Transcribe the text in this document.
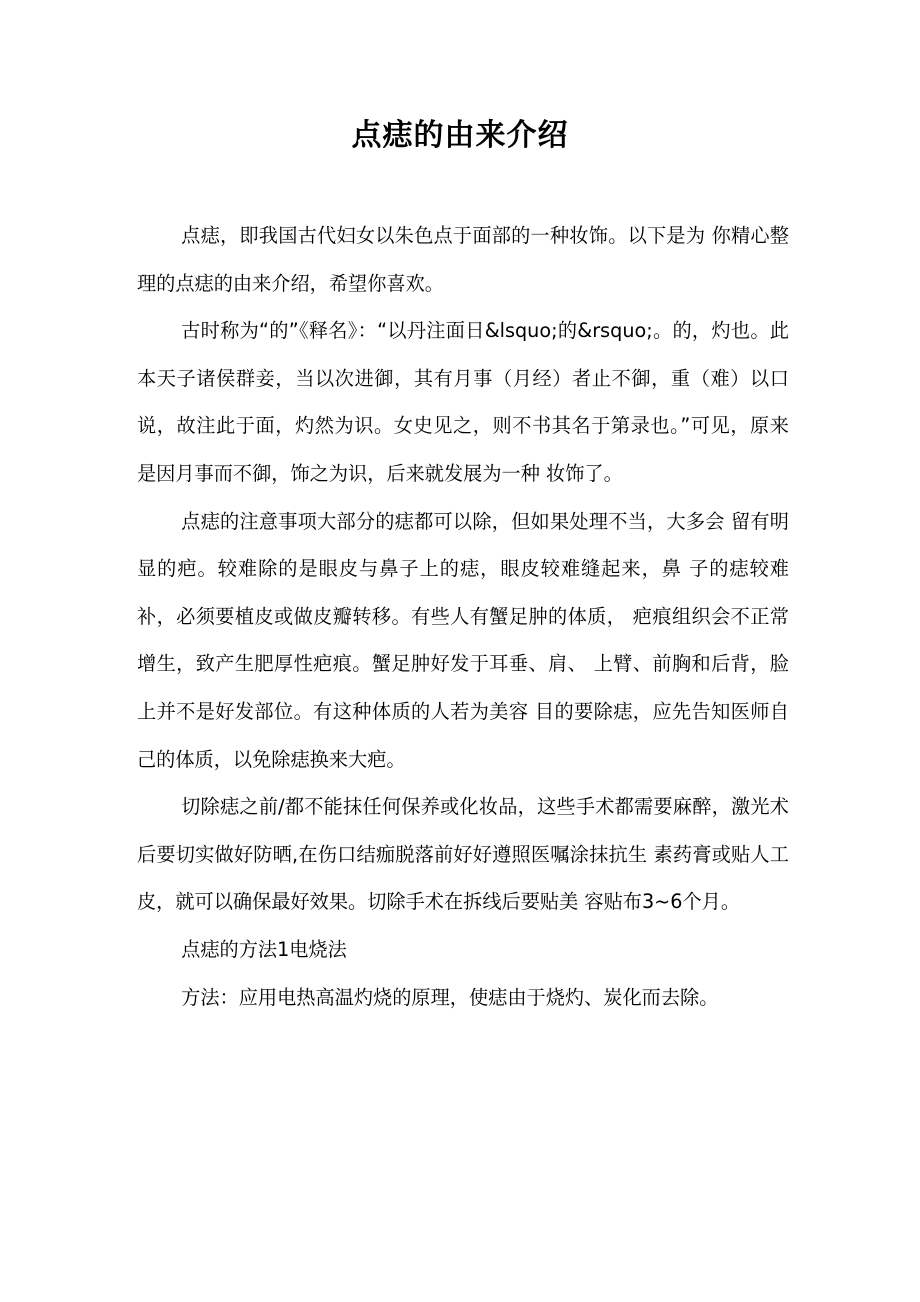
点痣的由来介绍

点痣，即我国古代妇女以朱色点于面部的一种妆饰。以下是为 你精心整理的点痣的由来介绍，希望你喜欢。

古时称为“的”《释名》：“以丹注面日&lsquo;的&rsquo;。的，灼也。此本天子诸侯群妾，当以次进御，其有月事（月经）者止不御，重（难）以口说，故注此于面，灼然为识。女史见之，则不书其名于第录也。”可见，原来是因月事而不御，饰之为识，后来就发展为一种 妆饰了。

点痣的注意事项大部分的痣都可以除，但如果处理不当，大多会 留有明显的疤。较难除的是眼皮与鼻子上的痣，眼皮较难缝起来，鼻 子的痣较难补，必须要植皮或做皮瓣转移。有些人有蟹足肿的体质， 疤痕组织会不正常增生，致产生肥厚性疤痕。蟹足肿好发于耳垂、肩、 上臂、前胸和后背，脸上并不是好发部位。有这种体质的人若为美容 目的要除痣，应先告知医师自己的体质，以免除痣换来大疤。

切除痣之前/都不能抹任何保养或化妆品，这些手术都需要麻醉，激光术后要切实做好防晒,在伤口结痂脱落前好好遵照医嘱涂抹抗生 素药膏或贴人工皮，就可以确保最好效果。切除手术在拆线后要贴美 容贴布3~6个月。

点痣的方法1电烧法

方法：应用电热高温灼烧的原理，使痣由于烧灼、炭化而去除。
